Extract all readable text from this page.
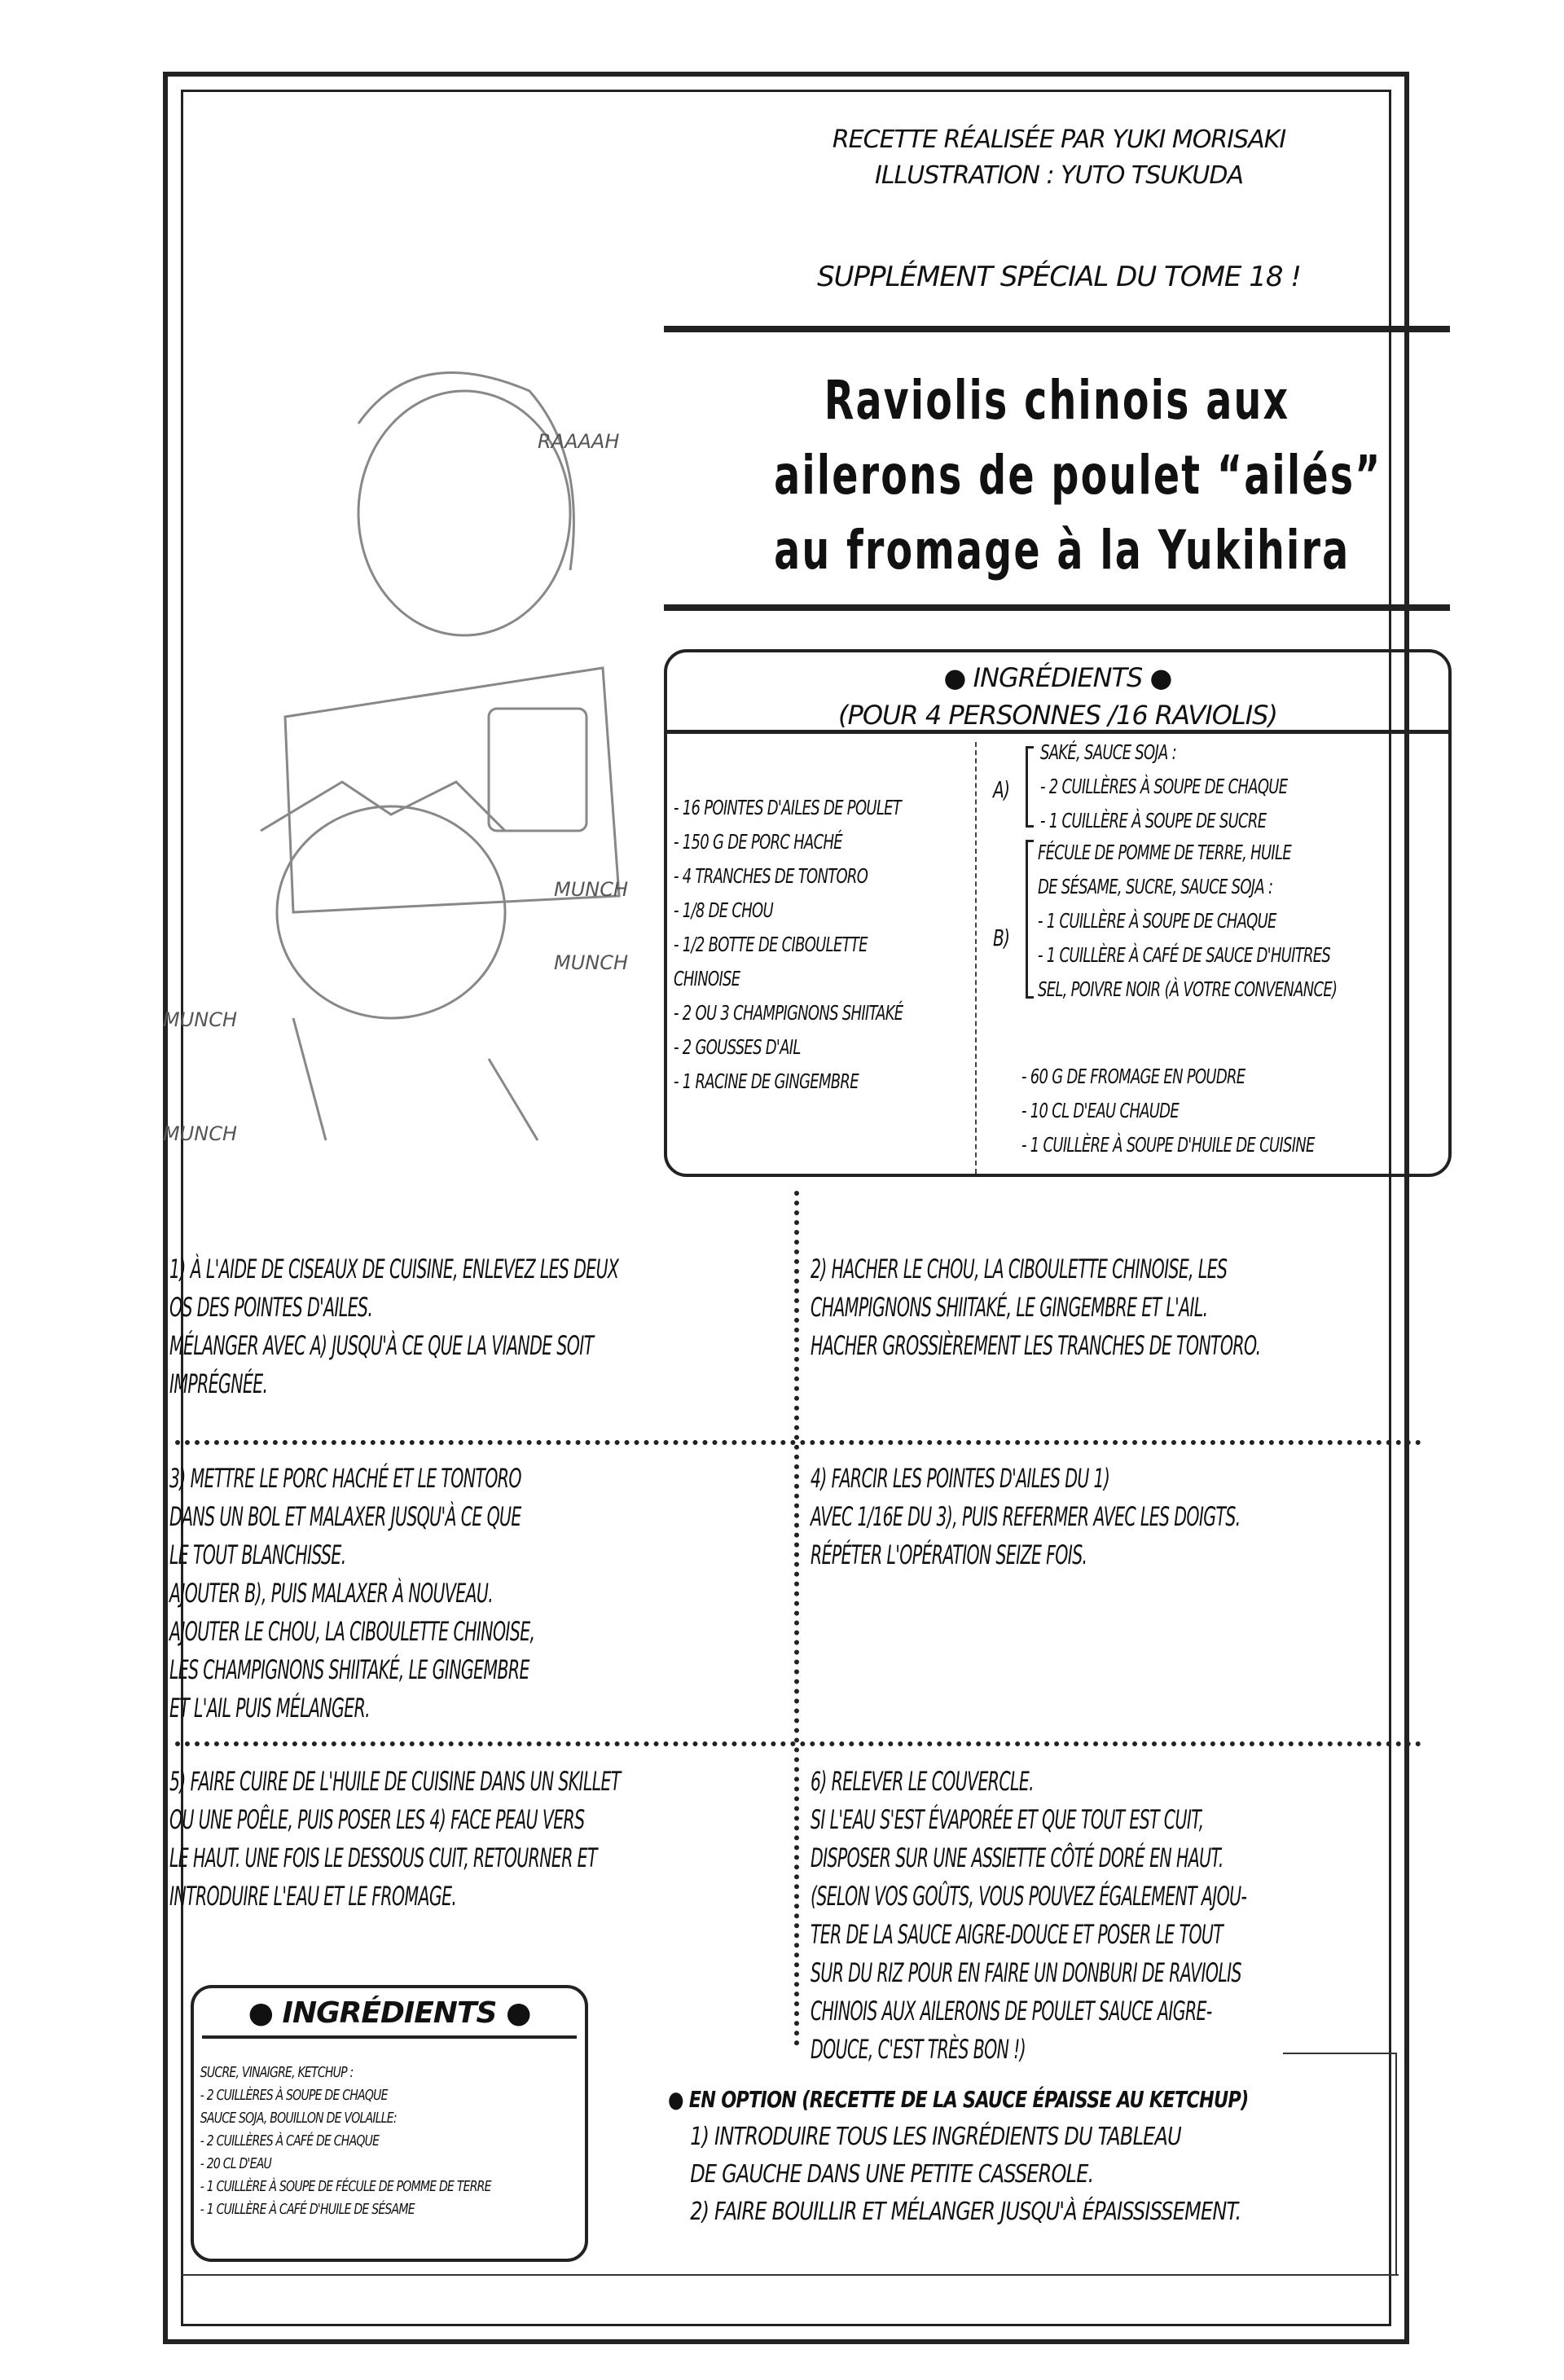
RECETTE RÉALISÉE PAR YUKI MORISAKI
ILLUSTRATION : YUTO TSUKUDA
SUPPLÉMENT SPÉCIAL DU TOME 18 !
Raviolis chinois aux
ailerons de poulet “ailés”
au fromage à la Yukihira
RAAAAH
MUNCH
MUNCH
MUNCH
MUNCH
● INGRÉDIENTS ●
(POUR 4 PERSONNES /16 RAVIOLIS)
- 16 POINTES D'AILES DE POULET
- 150 G DE PORC HACHÉ
- 4 TRANCHES DE TONTORO
- 1/8 DE CHOU
- 1/2 BOTTE DE CIBOULETTE
CHINOISE
- 2 OU 3 CHAMPIGNONS SHIITAKÉ
- 2 GOUSSES D'AIL
- 1 RACINE DE GINGEMBRE
A)
SAKÉ, SAUCE SOJA :
- 2 CUILLÈRES À SOUPE DE CHAQUE
- 1 CUILLÈRE À SOUPE DE SUCRE
B)
FÉCULE DE POMME DE TERRE, HUILE
DE SÉSAME, SUCRE, SAUCE SOJA :
- 1 CUILLÈRE À SOUPE DE CHAQUE
- 1 CUILLÈRE À CAFÉ DE SAUCE D'HUITRES
SEL, POIVRE NOIR (À VOTRE CONVENANCE)
- 60 G DE FROMAGE EN POUDRE
- 10 CL D'EAU CHAUDE
- 1 CUILLÈRE À SOUPE D'HUILE DE CUISINE
1) À L'AIDE DE CISEAUX DE CUISINE, ENLEVEZ LES DEUX
OS DES POINTES D'AILES.
MÉLANGER AVEC A) JUSQU'À CE QUE LA VIANDE SOIT
IMPRÉGNÉE.
2) HACHER LE CHOU, LA CIBOULETTE CHINOISE, LES
CHAMPIGNONS SHIITAKÉ, LE GINGEMBRE ET L'AIL.
HACHER GROSSIÈREMENT LES TRANCHES DE TONTORO.
3) METTRE LE PORC HACHÉ ET LE TONTORO
DANS UN BOL ET MALAXER JUSQU'À CE QUE
LE TOUT BLANCHISSE.
AJOUTER B), PUIS MALAXER À NOUVEAU.
AJOUTER LE CHOU, LA CIBOULETTE CHINOISE,
LES CHAMPIGNONS SHIITAKÉ, LE GINGEMBRE
ET L'AIL PUIS MÉLANGER.
4) FARCIR LES POINTES D'AILES DU 1)
AVEC 1/16E DU 3), PUIS REFERMER AVEC LES DOIGTS.
RÉPÉTER L'OPÉRATION SEIZE FOIS.
5) FAIRE CUIRE DE L'HUILE DE CUISINE DANS UN SKILLET
OU UNE POÊLE, PUIS POSER LES 4) FACE PEAU VERS
LE HAUT. UNE FOIS LE DESSOUS CUIT, RETOURNER ET
INTRODUIRE L'EAU ET LE FROMAGE.
6) RELEVER LE COUVERCLE.
SI L'EAU S'EST ÉVAPORÉE ET QUE TOUT EST CUIT,
DISPOSER SUR UNE ASSIETTE CÔTÉ DORÉ EN HAUT.
(SELON VOS GOÛTS, VOUS POUVEZ ÉGALEMENT AJOU-
TER DE LA SAUCE AIGRE-DOUCE ET POSER LE TOUT
SUR DU RIZ POUR EN FAIRE UN DONBURI DE RAVIOLIS
CHINOIS AUX AILERONS DE POULET SAUCE AIGRE-
DOUCE, C'EST TRÈS BON !)
● INGRÉDIENTS ●
SUCRE, VINAIGRE, KETCHUP :
- 2 CUILLÈRES À SOUPE DE CHAQUE
SAUCE SOJA, BOUILLON DE VOLAILLE:
- 2 CUILLÈRES À CAFÉ DE CHAQUE
- 20 CL D'EAU
- 1 CUILLÈRE À SOUPE DE FÉCULE DE POMME DE TERRE
- 1 CUILLÈRE À CAFÉ D'HUILE DE SÉSAME
● EN OPTION (RECETTE DE LA SAUCE ÉPAISSE AU KETCHUP)
1) INTRODUIRE TOUS LES INGRÉDIENTS DU TABLEAU
DE GAUCHE DANS UNE PETITE CASSEROLE.
2) FAIRE BOUILLIR ET MÉLANGER JUSQU'À ÉPAISSISSEMENT.
